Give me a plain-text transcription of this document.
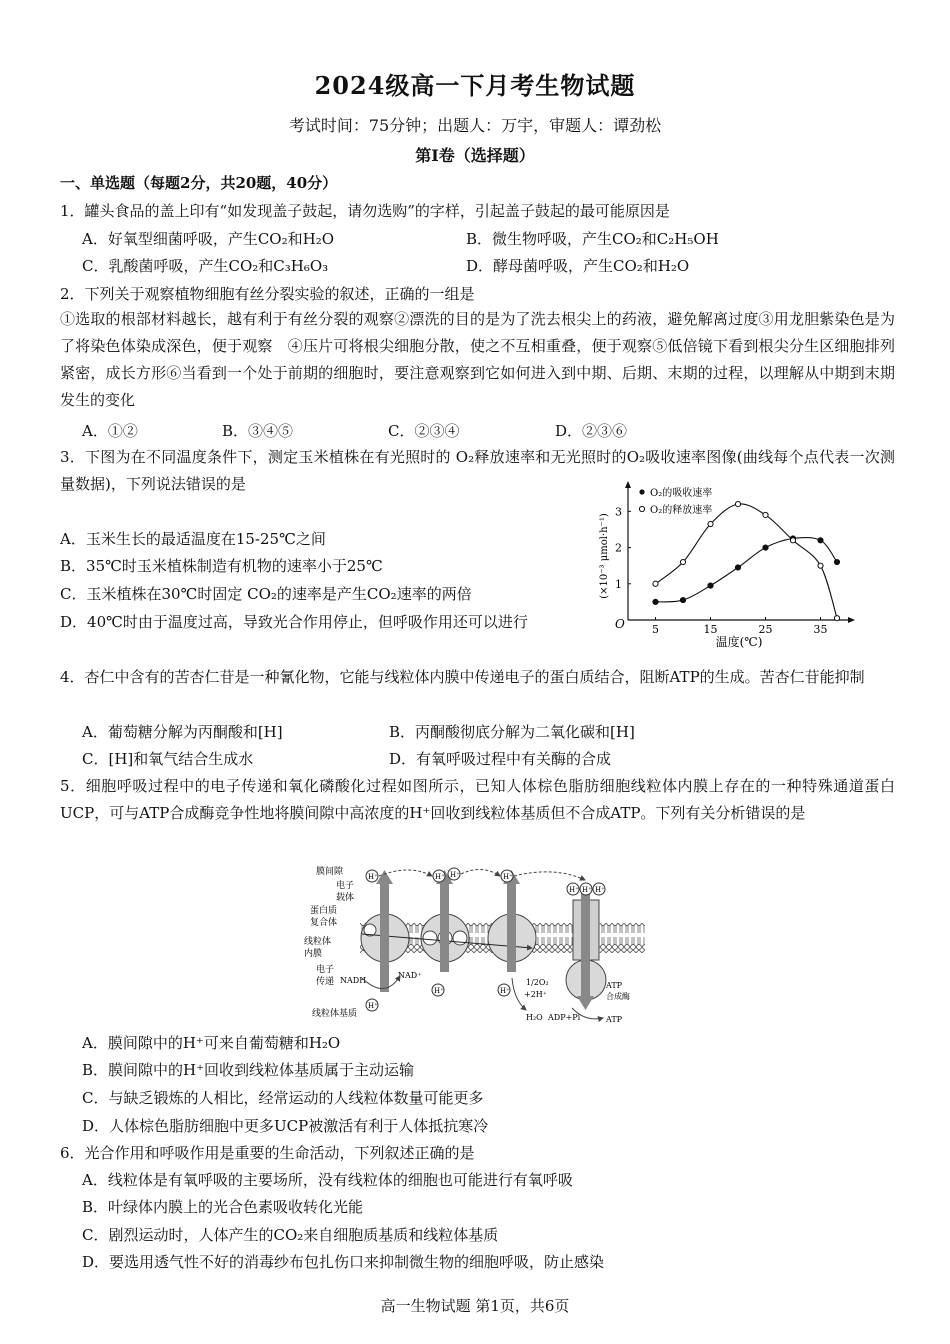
2024级高一下月考生物试题
考试时间：75分钟；出题人：万宇，审题人：谭劲松
第Ⅰ卷（选择题）
一、单选题（每题2分，共20题，40分）
1．罐头食品的盖上印有“如发现盖子鼓起，请勿选购”的字样，引起盖子鼓起的最可能原因是
A．好氧型细菌呼吸，产生CO₂和H₂O	B．微生物呼吸，产生CO₂和C₂H₅OH
C．乳酸菌呼吸，产生CO₂和C₃H₆O₃	D．酵母菌呼吸，产生CO₂和H₂O
2．下列关于观察植物细胞有丝分裂实验的叙述，正确的一组是
①选取的根部材料越长，越有利于有丝分裂的观察②漂洗的目的是为了洗去根尖上的药液，避免解离过度③用龙胆紫染色是为了将染色体染成深色，便于观察　④压片可将根尖细胞分散，使之不互相重叠，便于观察⑤低倍镜下看到根尖分生区细胞排列紧密，成长方形⑥当看到一个处于前期的细胞时，要注意观察到它如何进入到中期、后期、末期的过程，以理解从中期到末期发生的变化
A．①②	B．③④⑤	C．②③④	D．②③⑥
3．下图为在不同温度条件下，测定玉米植株在有光照时的 O₂释放速率和无光照时的O₂吸收速率图像(曲线每个点代表一次测量数据)，下列说法错误的是
A．玉米生长的最适温度在15-25℃之间
B．35℃时玉米植株制造有机物的速率小于25℃
C．玉米植株在30℃时固定 CO₂的速率是产生CO₂速率的两倍
D．40℃时由于温度过高，导致光合作用停止，但呼吸作用还可以进行	O 5	15	25	35
1
2
3
温度(℃)
(×10⁻³ μmol·h⁻¹)
O₂的吸收速率
O₂的释放速率
4．杏仁中含有的苦杏仁苷是一种氰化物，它能与线粒体内膜中传递电子的蛋白质结合，阻断ATP的生成。苦杏仁苷能抑制
A．葡萄糖分解为丙酮酸和[H]	B．丙酮酸彻底分解为二氧化碳和[H]
C．[H]和氧气结合生成水	D．有氧呼吸过程中有关酶的合成
5．细胞呼吸过程中的电子传递和氧化磷酸化过程如图所示，已知人体棕色脂肪细胞线粒体内膜上存在的一种特殊通道蛋白UCP，可与ATP合成酶竞争性地将膜间隙中高浓度的H⁺回收到线粒体基质但不合成ATP。下列有关分析错误的是
H⁺	H⁺ H⁺	H⁺
H⁺ H⁺ H⁺
H⁺
H⁺	H⁺
膜间隙
电子
载体
蛋白质
复合体
线粒体
内膜
电子
传递
线粒体基质
NADH
NAD⁺
1/2O₂
+2H⁺
H₂O ADP+Pi	ATP
ATP
合成酶
A．膜间隙中的H⁺可来自葡萄糖和H₂O
B．膜间隙中的H⁺回收到线粒体基质属于主动运输
C．与缺乏锻炼的人相比，经常运动的人线粒体数量可能更多
D．人体棕色脂肪细胞中更多UCP被激活有利于人体抵抗寒冷
6．光合作用和呼吸作用是重要的生命活动，下列叙述正确的是
A．线粒体是有氧呼吸的主要场所，没有线粒体的细胞也可能进行有氧呼吸
B．叶绿体内膜上的光合色素吸收转化光能
C．剧烈运动时，人体产生的CO₂来自细胞质基质和线粒体基质
D．要选用透气性不好的消毒纱布包扎伤口来抑制微生物的细胞呼吸，防止感染
高一生物试题 第1页，共6页
